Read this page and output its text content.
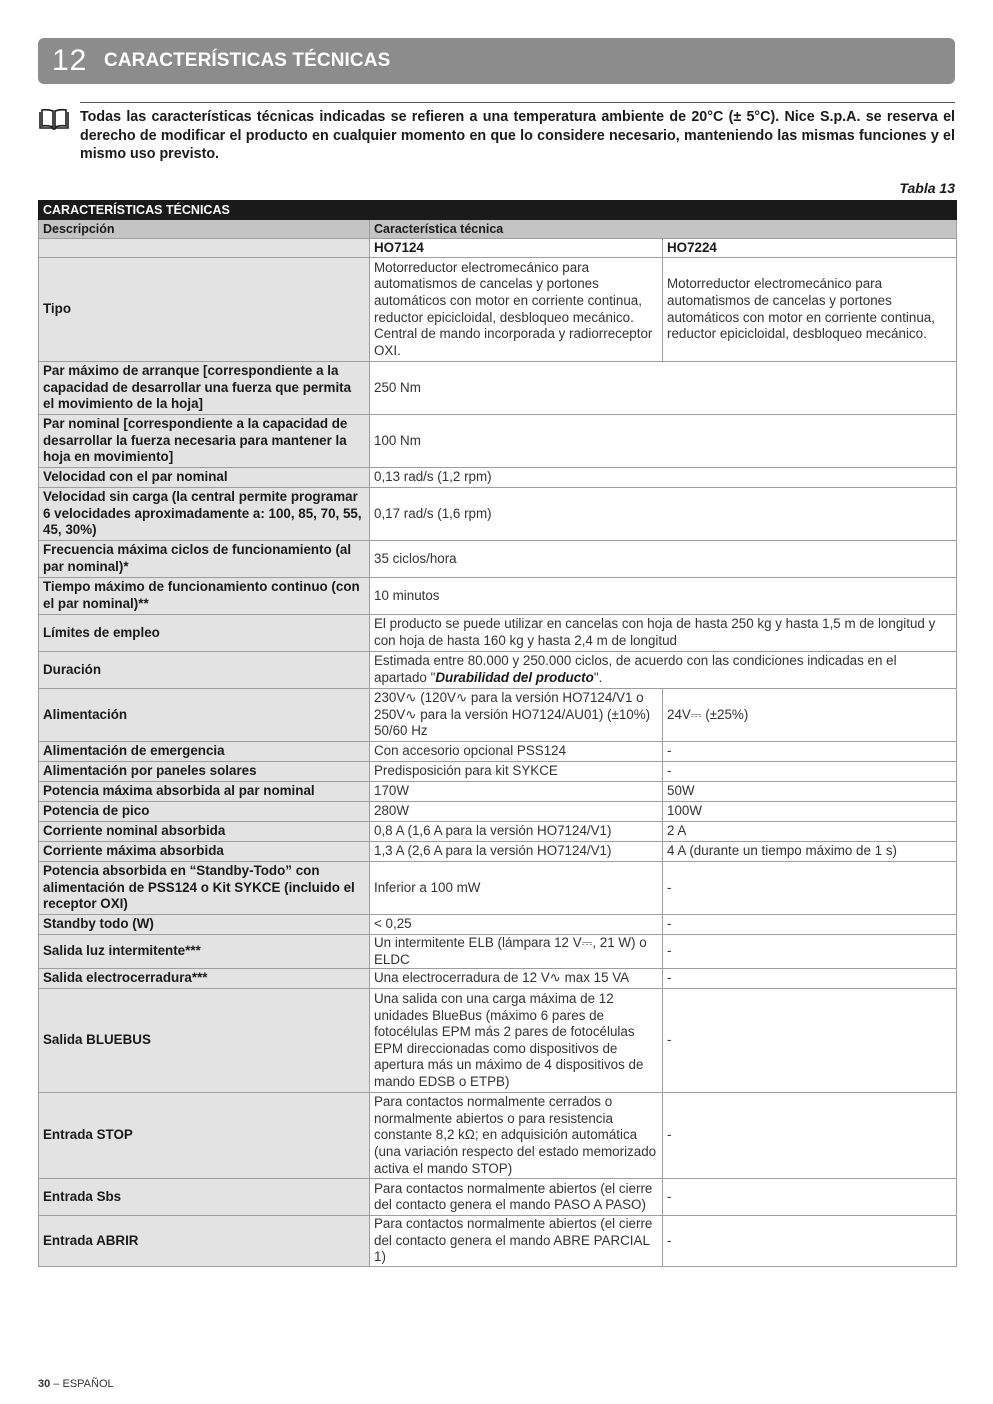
12 CARACTERÍSTICAS TÉCNICAS
Todas las características técnicas indicadas se refieren a una temperatura ambiente de 20°C (± 5°C). Nice S.p.A. se reserva el derecho de modificar el producto en cualquier momento en que lo considere necesario, manteniendo las mismas funciones y el mismo uso previsto.
Tabla 13
CARACTERÍSTICAS TÉCNICAS		
Descripción	Característica técnica	
	HO7124	HO7224
Tipo	Motorreductor electromecánico para automatismos de cancelas y portones automáticos con motor en corriente continua, reductor epicicloidal, desbloqueo mecánico. Central de mando incorporada y radiorreceptor OXI.	Motorreductor electromecánico para automatismos de cancelas y portones automáticos con motor en corriente continua, reductor epicicloidal, desbloqueo mecánico.
Par máximo de arranque [correspondiente a la capacidad de desarrollar una fuerza que permita el movimiento de la hoja]	250 Nm	
Par nominal [correspondiente a la capacidad de desarrollar la fuerza necesaria para mantener la hoja en movimiento]	100 Nm	
Velocidad con el par nominal	0,13 rad/s (1,2 rpm)	
Velocidad sin carga (la central permite programar 6 velocidades aproximadamente a: 100, 85, 70, 55, 45, 30%)	0,17 rad/s (1,6 rpm)	
Frecuencia máxima ciclos de funcionamiento (al par nominal)*	35 ciclos/hora	
Tiempo máximo de funcionamiento continuo (con el par nominal)**	10 minutos	
Límites de empleo	El producto se puede utilizar en cancelas con hoja de hasta 250 kg y hasta 1,5 m de longitud y con hoja de hasta 160 kg y hasta 2,4 m de longitud	
Duración	Estimada entre 80.000 y 250.000 ciclos, de acuerdo con las condiciones indicadas en el apartado "Durabilidad del producto".	
Alimentación	230V∿ (120V∿ para la versión HO7124/V1 o 250V∿ para la versión HO7124/AU01) (±10%) 50/60 Hz	24V⎓ (±25%)
Alimentación de emergencia	Con accesorio opcional PSS124	-
Alimentación por paneles solares	Predisposición para kit SYKCE	-
Potencia máxima absorbida al par nominal	170W	50W
Potencia de pico	280W	100W
Corriente nominal absorbida	0,8 A (1,6 A para la versión HO7124/V1)	2 A
Corriente máxima absorbida	1,3 A (2,6 A para la versión HO7124/V1)	4 A (durante un tiempo máximo de 1 s)
Potencia absorbida en “Standby-Todo” con alimentación de PSS124 o Kit SYKCE (incluido el receptor OXI)	Inferior a 100 mW	-
Standby todo (W)	< 0,25	-
Salida luz intermitente***	Un intermitente ELB (lámpara 12 V⎓, 21 W) o ELDC	-
Salida electrocerradura***	Una electrocerradura de 12 V∿ max 15 VA	-
Salida BLUEBUS	Una salida con una carga máxima de 12 unidades BlueBus (máximo 6 pares de fotocélulas EPM más 2 pares de fotocélulas EPM direccionadas como dispositivos de apertura más un máximo de 4 dispositivos de mando EDSB o ETPB)	-
Entrada STOP	Para contactos normalmente cerrados o normalmente abiertos o para resistencia constante 8,2 kΩ; en adquisición automática (una variación respecto del estado memorizado activa el mando STOP)	-
Entrada Sbs	Para contactos normalmente abiertos (el cierre del contacto genera el mando PASO A PASO)	-
Entrada ABRIR	Para contactos normalmente abiertos (el cierre del contacto genera el mando ABRE PARCIAL 1)	-
30 – ESPAÑOL
